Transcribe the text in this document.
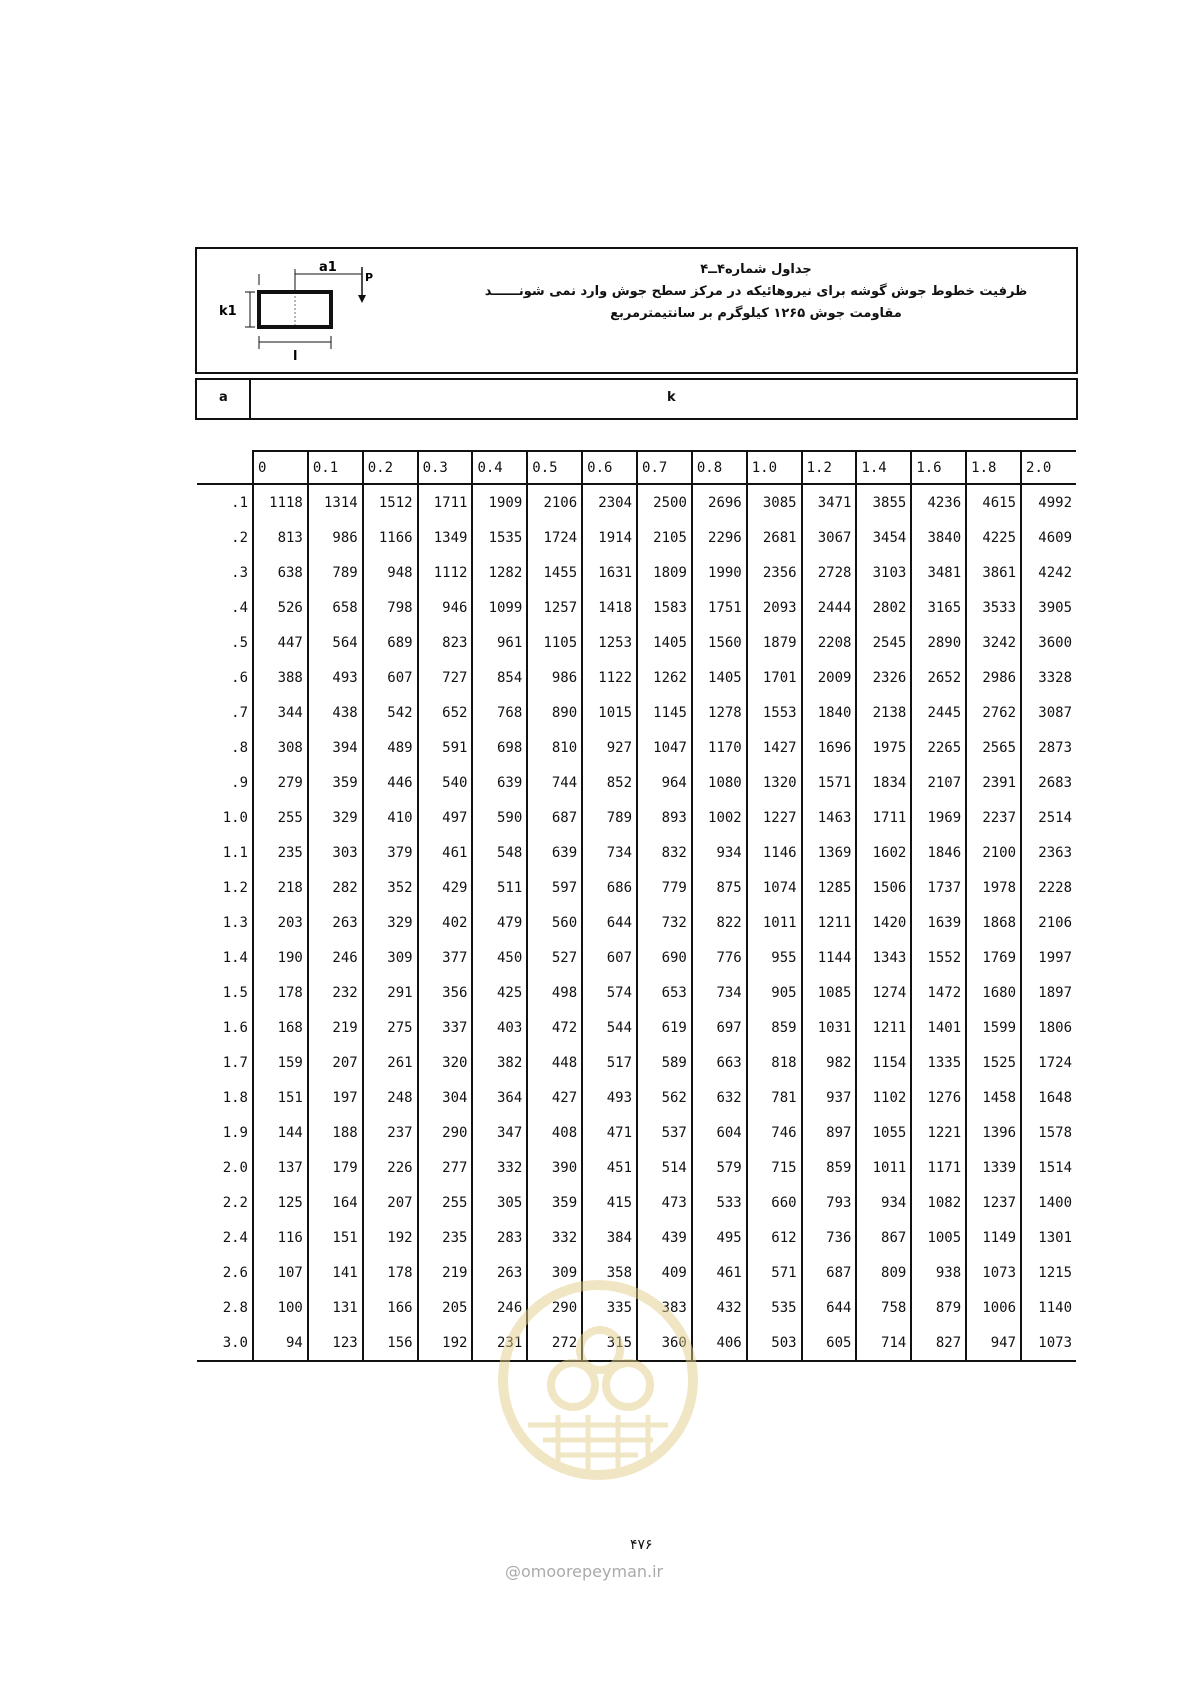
a1
P
k1
l
جداول شماره۴ــ۴
ظرفیت خطوط جوش گوشه برای نیروهائیکه در مرکز سطح جوش وارد نمی شونــــــد
مقاومت جوش ۱۲۶۵ کیلوگرم بر سانتیمترمربع
a	k
	0	0.1	0.2	0.3	0.4	0.5	0.6	0.7	0.8	1.0	1.2	1.4	1.6	1.8	2.0
.1	1118	1314	1512	1711	1909	2106	2304	2500	2696	3085	3471	3855	4236	4615	4992
.2	813	986	1166	1349	1535	1724	1914	2105	2296	2681	3067	3454	3840	4225	4609
.3	638	789	948	1112	1282	1455	1631	1809	1990	2356	2728	3103	3481	3861	4242
.4	526	658	798	946	1099	1257	1418	1583	1751	2093	2444	2802	3165	3533	3905
.5	447	564	689	823	961	1105	1253	1405	1560	1879	2208	2545	2890	3242	3600
.6	388	493	607	727	854	986	1122	1262	1405	1701	2009	2326	2652	2986	3328
.7	344	438	542	652	768	890	1015	1145	1278	1553	1840	2138	2445	2762	3087
.8	308	394	489	591	698	810	927	1047	1170	1427	1696	1975	2265	2565	2873
.9	279	359	446	540	639	744	852	964	1080	1320	1571	1834	2107	2391	2683
1.0	255	329	410	497	590	687	789	893	1002	1227	1463	1711	1969	2237	2514
1.1	235	303	379	461	548	639	734	832	934	1146	1369	1602	1846	2100	2363
1.2	218	282	352	429	511	597	686	779	875	1074	1285	1506	1737	1978	2228
1.3	203	263	329	402	479	560	644	732	822	1011	1211	1420	1639	1868	2106
1.4	190	246	309	377	450	527	607	690	776	955	1144	1343	1552	1769	1997
1.5	178	232	291	356	425	498	574	653	734	905	1085	1274	1472	1680	1897
1.6	168	219	275	337	403	472	544	619	697	859	1031	1211	1401	1599	1806
1.7	159	207	261	320	382	448	517	589	663	818	982	1154	1335	1525	1724
1.8	151	197	248	304	364	427	493	562	632	781	937	1102	1276	1458	1648
1.9	144	188	237	290	347	408	471	537	604	746	897	1055	1221	1396	1578
2.0	137	179	226	277	332	390	451	514	579	715	859	1011	1171	1339	1514
2.2	125	164	207	255	305	359	415	473	533	660	793	934	1082	1237	1400
2.4	116	151	192	235	283	332	384	439	495	612	736	867	1005	1149	1301
2.6	107	141	178	219	263	309	358	409	461	571	687	809	938	1073	1215
2.8	100	131	166	205	246	290	335	383	432	535	644	758	879	1006	1140
3.0	94	123	156	192	231	272	315	360	406	503	605	714	827	947	1073
۴۷۶
@omoorepeyman.ir
